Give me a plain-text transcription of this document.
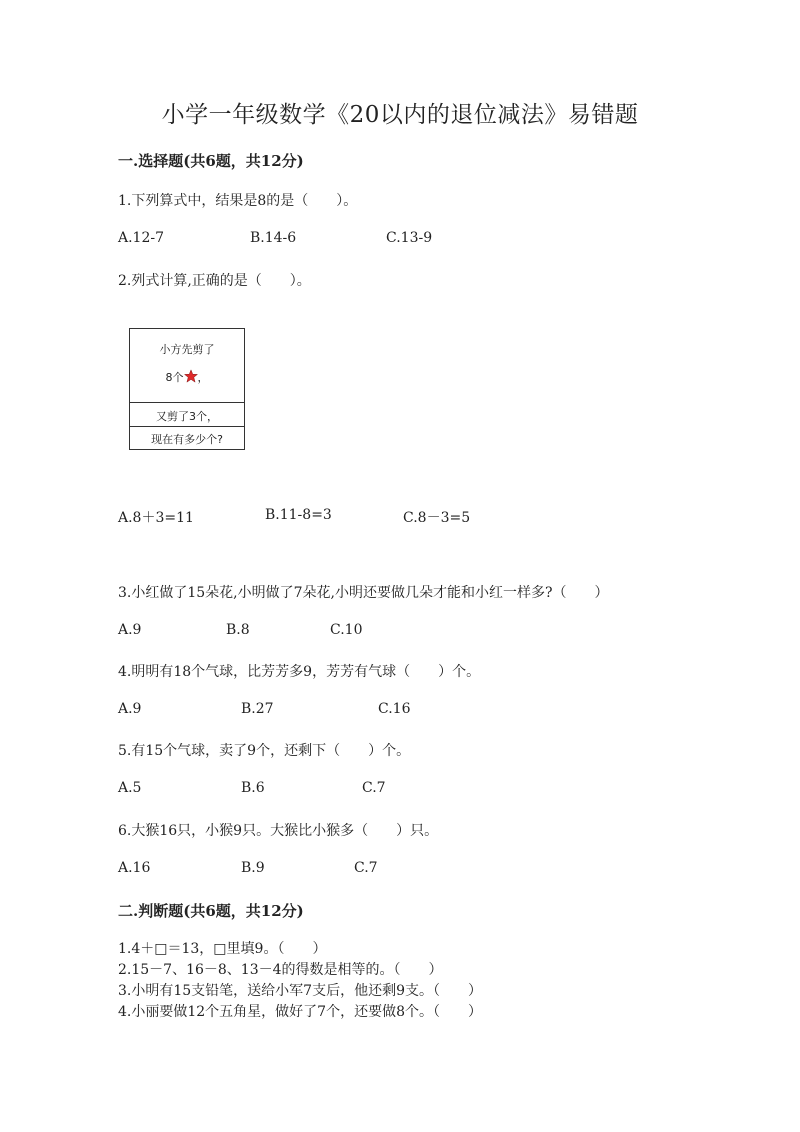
小学一年级数学《20以内的退位减法》易错题
一.选择题(共6题，共12分)
1.下列算式中，结果是8的是（　　）。
A.12-7	B.14-6	C.13-9
2.列式计算,正确的是（　　）。
小方先剪了
8个 ，
又剪了3个，
现在有多少个?
A.8＋3=11	B.11-8=3	C.8－3=5
3.小红做了15朵花,小明做了7朵花,小明还要做几朵才能和小红一样多?（　　）
A.9	B.8	C.10
4.明明有18个气球，比芳芳多9，芳芳有气球（　　）个。
A.9	B.27	C.16
5.有15个气球，卖了9个，还剩下（　　）个。
A.5	B.6	C.7
6.大猴16只，小猴9只。大猴比小猴多（　　）只。
A.16	B.9	C.7
二.判断题(共6题，共12分)
1.4＋□＝13，□里填9。（　　）
2.15－7、16－8、13－4的得数是相等的。（　　）
3.小明有15支铅笔，送给小军7支后，他还剩9支。（　　）
4.小丽要做12个五角星，做好了7个，还要做8个。（　　）
